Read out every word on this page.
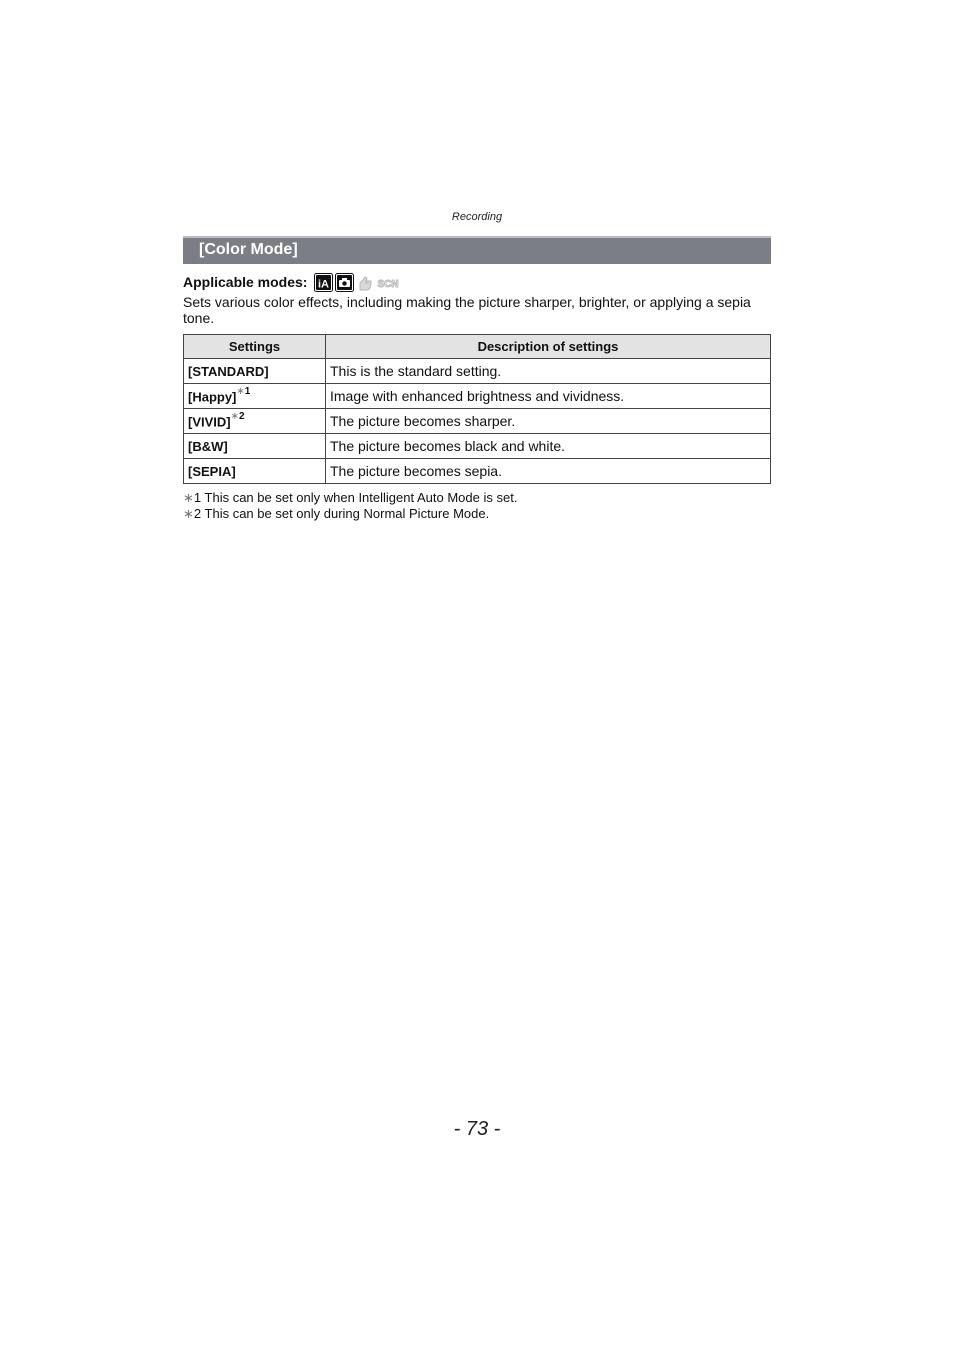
Recording
[Color Mode]
Applicable modes: iA	SCN
Sets various color effects, including making the picture sharper, brighter, or applying a sepia tone.
Settings	Description of settings
[STANDARD]	This is the standard setting.
[Happy]$^{∗1}$	Image with enhanced brightness and vividness.
[VIVID]$^{∗2}$	The picture becomes sharper.
[B&W]	The picture becomes black and white.
[SEPIA]	The picture becomes sepia.
∗1 This can be set only when Intelligent Auto Mode is set.
∗2 This can be set only during Normal Picture Mode.
- 73 -
